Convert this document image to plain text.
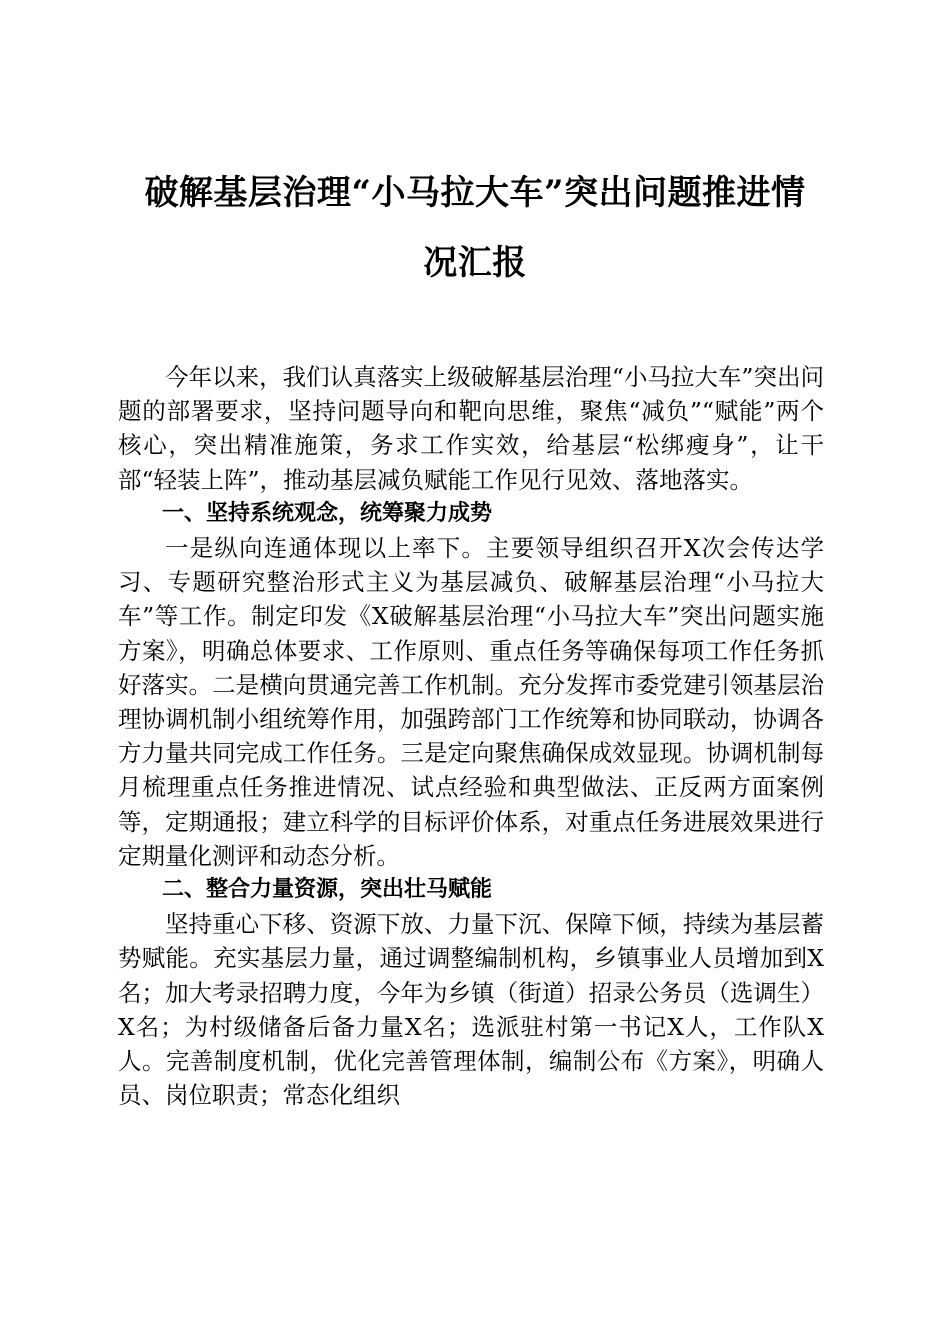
破解基层治理“小马拉大车”突出问题推进情
况汇报

今年以来，我们认真落实上级破解基层治理“小马拉大车”突出问题的部署要求，坚持问题导向和靶向思维，聚焦“减负”“赋能”两个核心，突出精准施策，务求工作实效，给基层“松绑瘦身”，让干部“轻装上阵”，推动基层减负赋能工作见行见效、落地落实。

一、坚持系统观念，统筹聚力成势

一是纵向连通体现以上率下。主要领导组织召开X次会传达学习、专题研究整治形式主义为基层减负、破解基层治理“小马拉大车”等工作。制定印发《X破解基层治理“小马拉大车”突出问题实施方案》，明确总体要求、工作原则、重点任务等确保每项工作任务抓好落实。二是横向贯通完善工作机制。充分发挥市委党建引领基层治理协调机制小组统筹作用，加强跨部门工作统筹和协同联动，协调各方力量共同完成工作任务。三是定向聚焦确保成效显现。协调机制每月梳理重点任务推进情况、试点经验和典型做法、正反两方面案例等，定期通报；建立科学的目标评价体系，对重点任务进展效果进行定期量化测评和动态分析。

二、整合力量资源，突出壮马赋能

坚持重心下移、资源下放、力量下沉、保障下倾，持续为基层蓄势赋能。充实基层力量，通过调整编制机构，乡镇事业人员增加到X名；加大考录招聘力度，今年为乡镇（街道）招录公务员（选调生）X名；为村级储备后备力量X名；选派驻村第一书记X人，工作队X人。完善制度机制，优化完善管理体制，编制公布《方案》，明确人员、岗位职责；常态化组织
